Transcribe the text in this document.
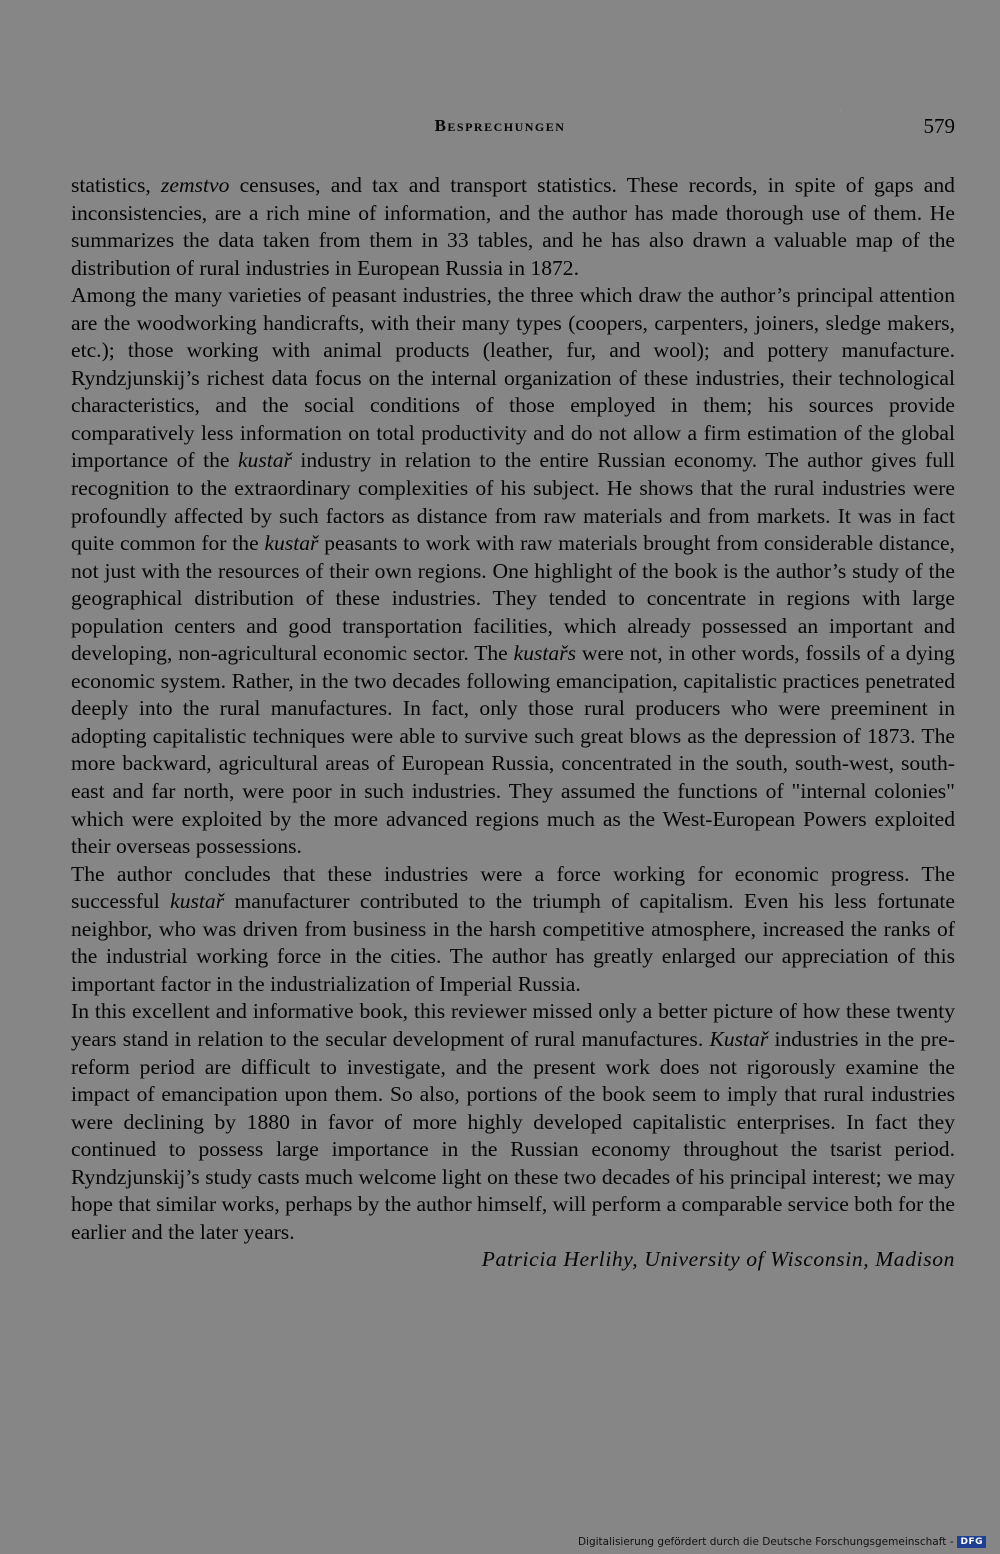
Besprechungen	579

statistics, zemstvo censuses, and tax and transport statistics. These records, in spite of gaps and inconsistencies, are a rich mine of information, and the author has made thorough use of them. He summarizes the data taken from them in 33 tables, and he has also drawn a valuable map of the distribution of rural industries in European Russia in 1872.

Among the many varieties of peasant industries, the three which draw the author’s principal attention are the woodworking handicrafts, with their many types (coopers, carpenters, joiners, sledge makers, etc.); those working with animal products (leather, fur, and wool); and pottery manufacture. Ryndzjunskij’s richest data focus on the internal organization of these industries, their technological characteristics, and the social conditions of those employed in them; his sources provide comparatively less information on total productivity and do not allow a firm estimation of the global importance of the kustař industry in relation to the entire Russian economy. The author gives full recognition to the extraordinary complexities of his subject. He shows that the rural industries were profoundly affected by such factors as distance from raw materials and from markets. It was in fact quite common for the kustař peasants to work with raw materials brought from considerable distance, not just with the resources of their own regions. One highlight of the book is the author’s study of the geographical distribution of these industries. They tended to concentrate in regions with large population centers and good transportation facilities, which already possessed an important and developing, non-agricultural economic sector. The kustařs were not, in other words, fossils of a dying economic system. Rather, in the two decades following emancipation, capitalistic practices penetrated deeply into the rural manufactures. In fact, only those rural producers who were preeminent in adopting capitalistic techniques were able to survive such great blows as the depression of 1873. The more backward, agricultural areas of European Russia, concentrated in the south, south-west, south-east and far north, were poor in such industries. They assumed the functions of "internal colonies" which were exploited by the more advanced regions much as the West-European Powers exploited their overseas possessions.

The author concludes that these industries were a force working for economic progress. The successful kustař manufacturer contributed to the triumph of capitalism. Even his less fortunate neighbor, who was driven from business in the harsh competitive atmosphere, increased the ranks of the industrial working force in the cities. The author has greatly enlarged our appreciation of this important factor in the industrialization of Imperial Russia.

In this excellent and informative book, this reviewer missed only a better picture of how these twenty years stand in relation to the secular development of rural manufactures. Kustař industries in the pre-reform period are difficult to investigate, and the present work does not rigorously examine the impact of emancipation upon them. So also, portions of the book seem to imply that rural industries were declining by 1880 in favor of more highly developed capitalistic enterprises. In fact they continued to possess large importance in the Russian economy throughout the tsarist period. Ryndzjunskij’s study casts much welcome light on these two decades of his principal interest; we may hope that similar works, perhaps by the author himself, will perform a comparable service both for the earlier and the later years.

Patricia Herlihy, University of Wisconsin, Madison

Digitalisierung gefördert durch die Deutsche Forschungsgemeinschaft - DFG
